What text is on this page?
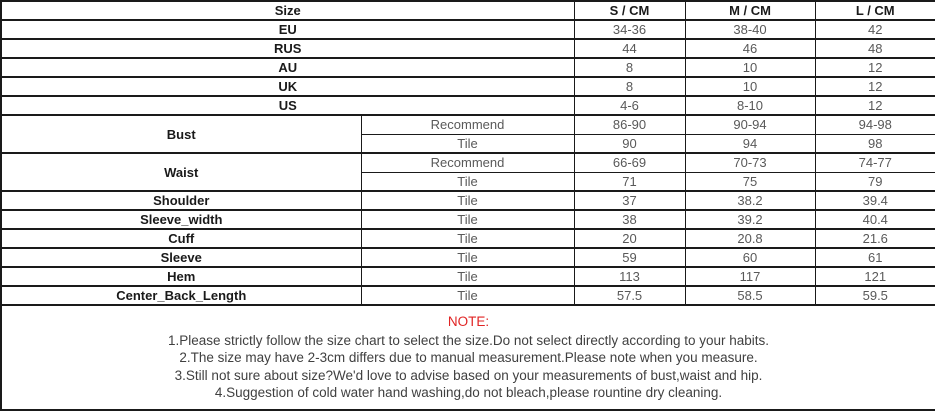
Size		S / CM	M / CM	L / CM
EU		34-36	38-40	42
RUS		44	46	48
AU		8	10	12
UK		8	10	12
US		4-6	8-10	12
Bust	Recommend	86-90	90-94	94-98
	Tile	90	94	98
Waist	Recommend	66-69	70-73	74-77
	Tile	71	75	79
Shoulder	Tile	37	38.2	39.4
Sleeve_width	Tile	38	39.2	40.4
Cuff	Tile	20	20.8	21.6
Sleeve	Tile	59	60	61
Hem	Tile	113	117	121
Center_Back_Length	Tile	57.5	58.5	59.5

NOTE:
1.Please strictly follow the size chart to select the size.Do not select directly according to your habits.
2.The size may have 2-3cm differs due to manual measurement.Please note when you measure.
3.Still not sure about size?We'd love to advise based on your measurements of bust,waist and hip.
4.Suggestion of cold water hand washing,do not bleach,please rountine dry cleaning.				
